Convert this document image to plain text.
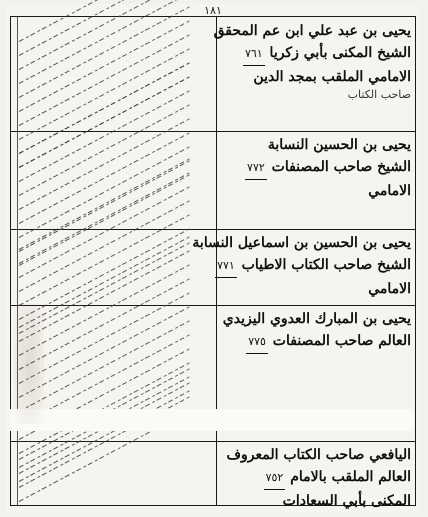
١٨١
يحيى بن عبد علي ابن عم المحقق
الشيخ المكنى بأبي زكريا ٧٦١
الامامي الملقب بمجد الدين
صاحب الكتاب
يحيى بن الحسين النسابة
الشيخ صاحب المصنفات ٧٧٢
الامامي
يحيى بن الحسين بن اسماعيل النسابة
الشيخ صاحب الكتاب الاطياب ٧٧١
الامامي
يحيى بن المبارك العدوي اليزيدي
العالم صاحب المصنفات ٧٧٥
اليافعي صاحب الكتاب المعروف
العالم الملقب بالامام ٧٥٢
المكنى بأبي السعادات
